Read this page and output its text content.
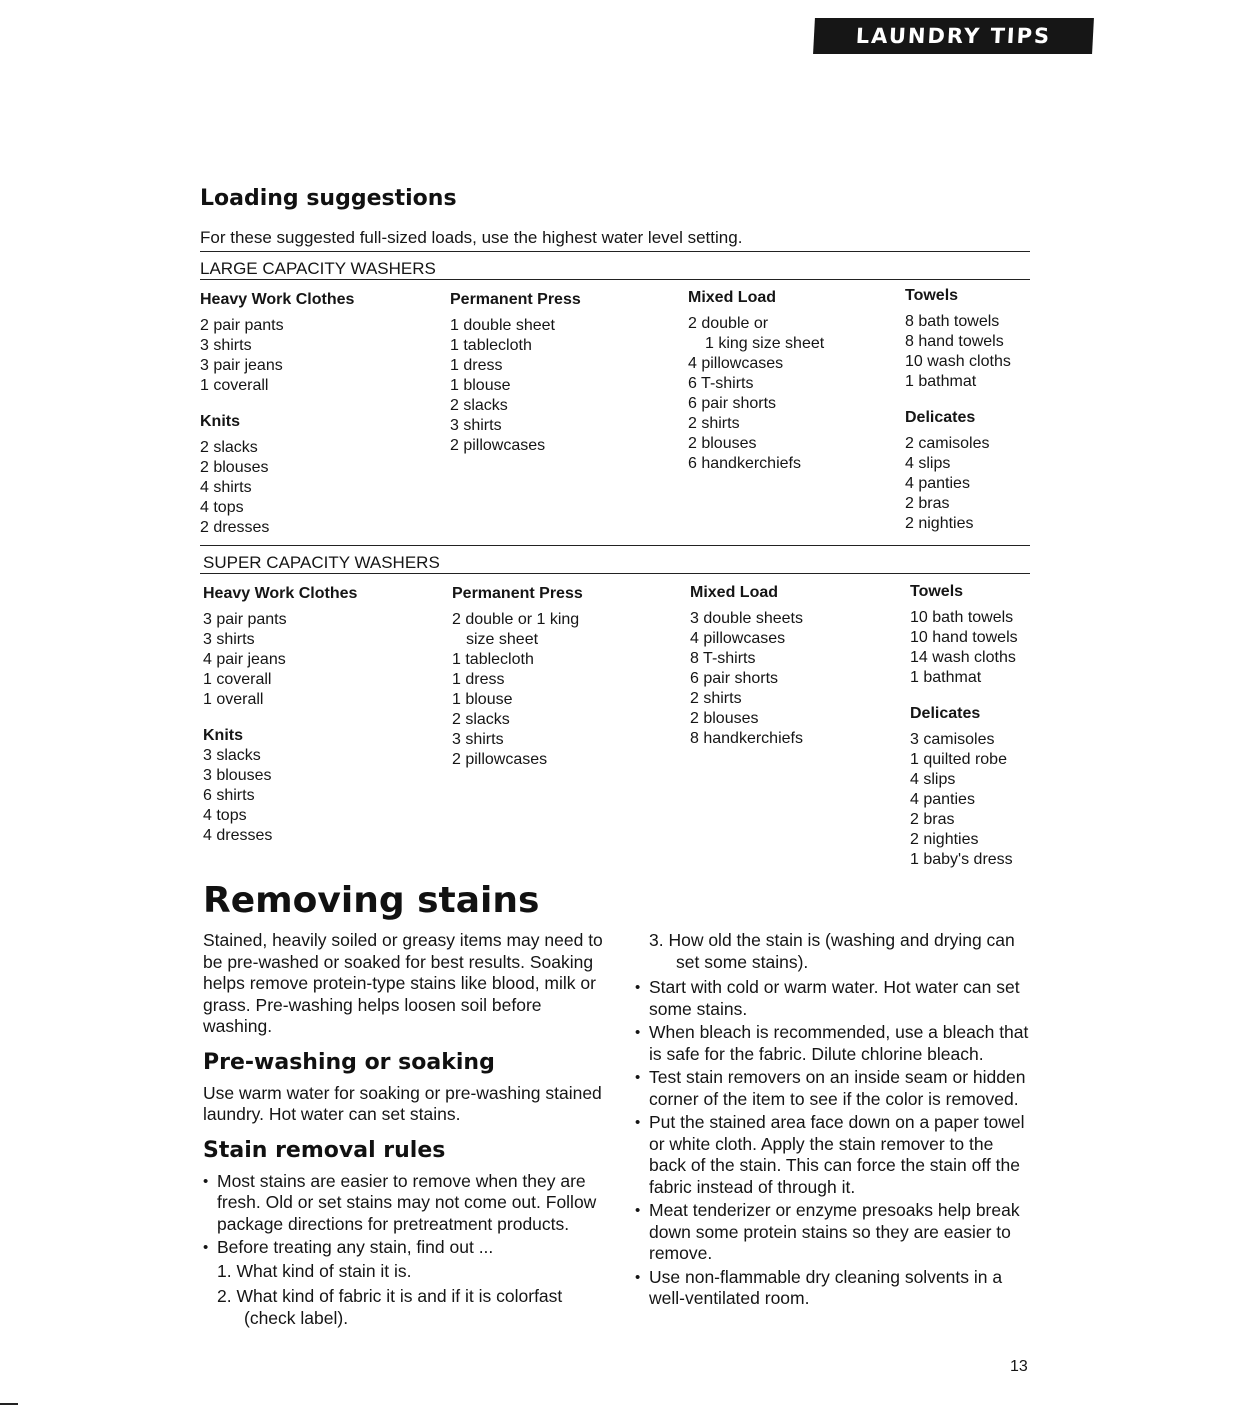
LAUNDRY TIPS
Loading suggestions
For these suggested full-sized loads, use the highest water level setting.
LARGE CAPACITY WASHERS
Heavy Work Clothes
2 pair pants
3 shirts
3 pair jeans
1 coverall
Knits
2 slacks
2 blouses
4 shirts
4 tops
2 dresses
Permanent Press
1 double sheet
1 tablecloth
1 dress
1 blouse
2 slacks
3 shirts
2 pillowcases
Mixed Load
2 double or
1 king size sheet
4 pillowcases
6 T-shirts
6 pair shorts
2 shirts
2 blouses
6 handkerchiefs
Towels
8 bath towels
8 hand towels
10 wash cloths
1 bathmat
Delicates
2 camisoles
4 slips
4 panties
2 bras
2 nighties
SUPER CAPACITY WASHERS
Heavy Work Clothes
3 pair pants
3 shirts
4 pair jeans
1 coverall
1 overall
Knits
3 slacks
3 blouses
6 shirts
4 tops
4 dresses
Permanent Press
2 double or 1 king
size sheet
1 tablecloth
1 dress
1 blouse
2 slacks
3 shirts
2 pillowcases
Mixed Load
3 double sheets
4 pillowcases
8 T-shirts
6 pair shorts
2 shirts
2 blouses
8 handkerchiefs
Towels
10 bath towels
10 hand towels
14 wash cloths
1 bathmat
Delicates
3 camisoles
1 quilted robe
4 slips
4 panties
2 bras
2 nighties
1 baby's dress
Removing stains
Stained, heavily soiled or greasy items may need to be pre-washed or soaked for best results. Soaking helps remove protein-type stains like blood, milk or grass. Pre-washing helps loosen soil before washing.
Pre-washing or soaking
Use warm water for soaking or pre-washing stained laundry. Hot water can set stains.
Stain removal rules
• Most stains are easier to remove when they are fresh. Old or set stains may not come out. Follow package directions for pretreatment products.
• Before treating any stain, find out ...
1. What kind of stain it is.
2. What kind of fabric it is and if it is colorfast (check label).
3. How old the stain is (washing and drying can set some stains).
• Start with cold or warm water. Hot water can set some stains.
• When bleach is recommended, use a bleach that is safe for the fabric. Dilute chlorine bleach.
• Test stain removers on an inside seam or hidden corner of the item to see if the color is removed.
• Put the stained area face down on a paper towel or white cloth. Apply the stain remover to the back of the stain. This can force the stain off the fabric instead of through it.
• Meat tenderizer or enzyme presoaks help break down some protein stains so they are easier to remove.
• Use non-flammable dry cleaning solvents in a well-ventilated room.
13
